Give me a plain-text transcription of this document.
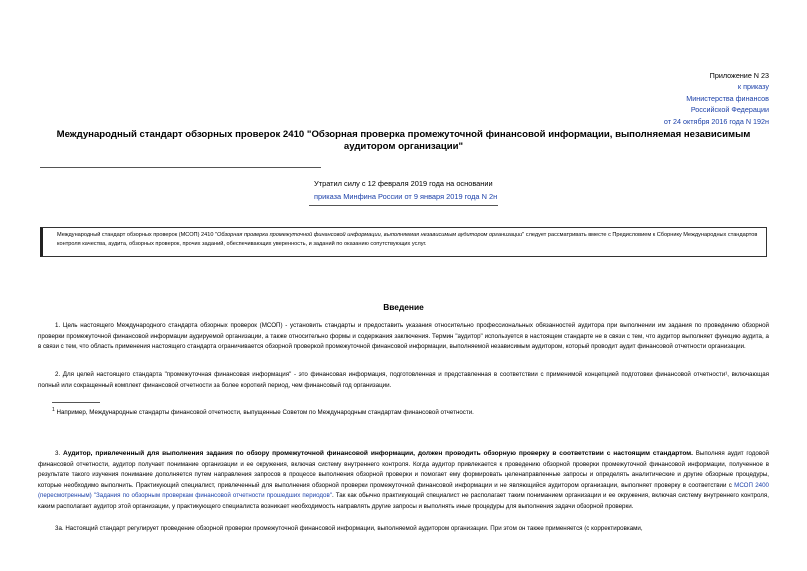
Приложение N 23
к приказу
Министерства финансов
Российской Федерации
от 24 октября 2016 года N 192н
Международный стандарт обзорных проверок 2410 "Обзорная проверка промежуточной финансовой информации, выполняемая независимым аудитором организации"
Утратил силу с 12 февраля 2019 года на основании
приказа Минфина России от 9 января 2019 года N 2н
Международный стандарт обзорных проверок (МСОП) 2410 "Обзорная проверка промежуточной финансовой информации, выполняемая независимым аудитором организации" следует рассматривать вместе с Предисловием к Сборнику Международных стандартов контроля качества, аудита, обзорных проверок, прочих заданий, обеспечивающих уверенность, и заданий по оказанию сопутствующих услуг.
Введение
1. Цель настоящего Международного стандарта обзорных проверок (МСОП) - установить стандарты и предоставить указания относительно профессиональных обязанностей аудитора при выполнении им задания по проведению обзорной проверки промежуточной финансовой информации аудируемой организации, а также относительно формы и содержания заключения. Термин "аудитор" используется в настоящем стандарте не в связи с тем, что аудитор выполняет функцию аудита, а в связи с тем, что область применения настоящего стандарта ограничивается обзорной проверкой промежуточной финансовой информации, выполняемой независимым аудитором, который проводит аудит финансовой отчетности организации.
2. Для целей настоящего стандарта "промежуточная финансовая информация" - это финансовая информация, подготовленная и представленная в соответствии с применимой концепцией подготовки финансовой отчетности¹, включающая полный или сокращенный комплект финансовой отчетности за более короткий период, чем финансовый год организации.
$^1$ Например, Международные стандарты финансовой отчетности, выпущенные Советом по Международным стандартам финансовой отчетности.
3. Аудитор, привлеченный для выполнения задания по обзору промежуточной финансовой информации, должен проводить обзорную проверку в соответствии с настоящим стандартом. Выполняя аудит годовой финансовой отчетности, аудитор получает понимание организации и ее окружения, включая систему внутреннего контроля. Когда аудитор привлекается к проведению обзорной проверки промежуточной финансовой информации, полученное в результате такого изучения понимание дополняется путем направления запросов в процессе выполнения обзорной проверки и помогает ему формировать целенаправленные запросы и определять аналитические и другие обзорные процедуры, которые необходимо выполнить. Практикующий специалист, привлеченный для выполнения обзорной проверки промежуточной финансовой информации и не являющийся аудитором организации, выполняет проверку в соответствии с МСОП 2400 (пересмотренным) "Задания по обзорным проверкам финансовой отчетности прошедших периодов". Так как обычно практикующий специалист не располагает таким пониманием организации и ее окружения, включая систему внутреннего контроля, каким располагает аудитор этой организации, у практикующего специалиста возникает необходимость направлять другие запросы и выполнять иные процедуры для выполнения задачи обзорной проверки.
3а. Настоящий стандарт регулирует проведение обзорной проверки промежуточной финансовой информации, выполняемой аудитором организации. При этом он также применяется (с корректировками,
